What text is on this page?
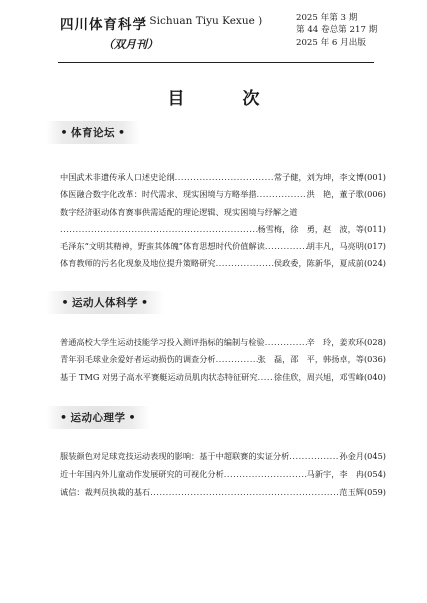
四川体育科学
( Sichuan Tiyu Kexue )
（双月刊）
2025 年第 3 期
第 44 卷总第 217 期
2025 年 6 月出版
目 次
• 体育论坛 •
中国武术非遗传承人口述史论纲 .....	常子健，刘为坤，李文博 (001)
体医融合数字化改革：时代需求、现实困境与方略举措 .....	洪　艳，董子歌 (006)
数字经济驱动体育赛事供需适配的理论逻辑、现实困境与纾解之道
.....
杨雪梅，徐　勇，赵　波，等 (011)
毛泽东“文明其精神，野蛮其体魄”体育思想时代价值解读 .....	胡丰凡，马亮明 (017)
体育教师的污名化现象及地位提升策略研究 .....	侯政委，陈新华，夏成前 (024)
• 运动人体科学 •
普通高校大学生运动技能学习投入测评指标的编制与检验 .....	辛　玲，姜欢环 (028)
青年羽毛球业余爱好者运动损伤的调查分析 .....	张　磊，邵　平，韩扬卓，等 (036)
基于 TMG 对男子高水平赛艇运动员肌肉状态特征研究 ..... 徐佳欣，周兴旭，邓雪峰 (040)
• 运动心理学 •
服装颜色对足球竞技运动表现的影响：基于中超联赛的实证分析 .....	孙金月 (045)
近十年国内外儿童动作发展研究的可视化分析 .....	马新宇，李　冉 (054)
诚信：裁判员执裁的基石 .....	范玉辉 (059)
